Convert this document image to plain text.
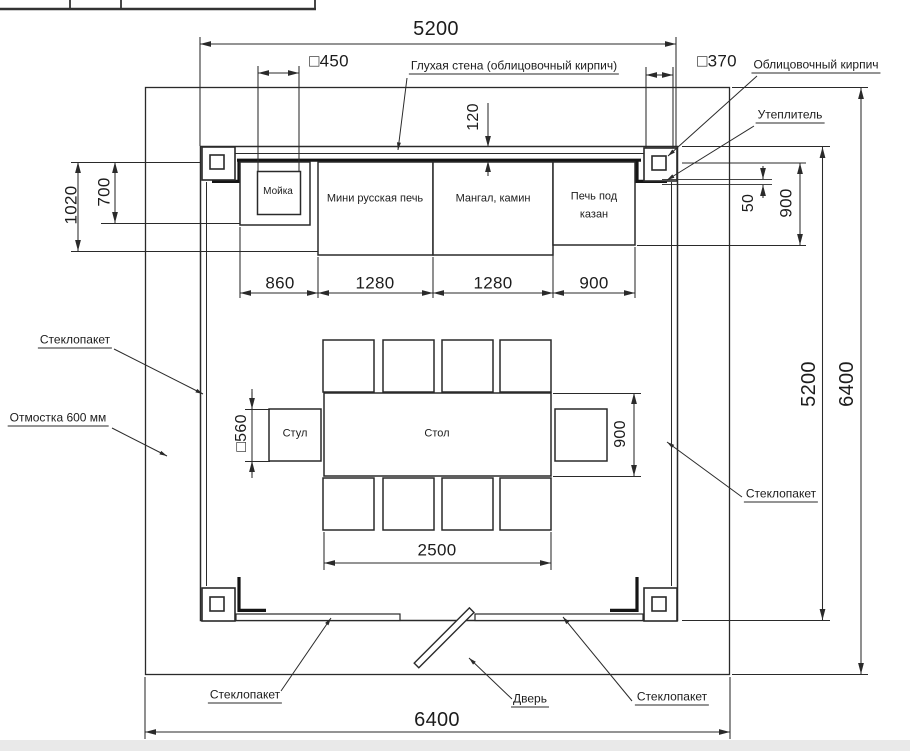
5200
□450	Глухая стена (облицовочный кирпич)	□370 Облицовочный кирпич
Утеплитель
120
1020 700
860	1280	1280	900
50 900
5200 6400
6400
Стеклопакет
Отмостка 600 мм
Стеклопакет
Стеклопакет	Дверь	Стеклопакет
□560	900
2500
Мойка
Мини русская печь	Мангал, камин	Печь под
казан
Стол
Стул
